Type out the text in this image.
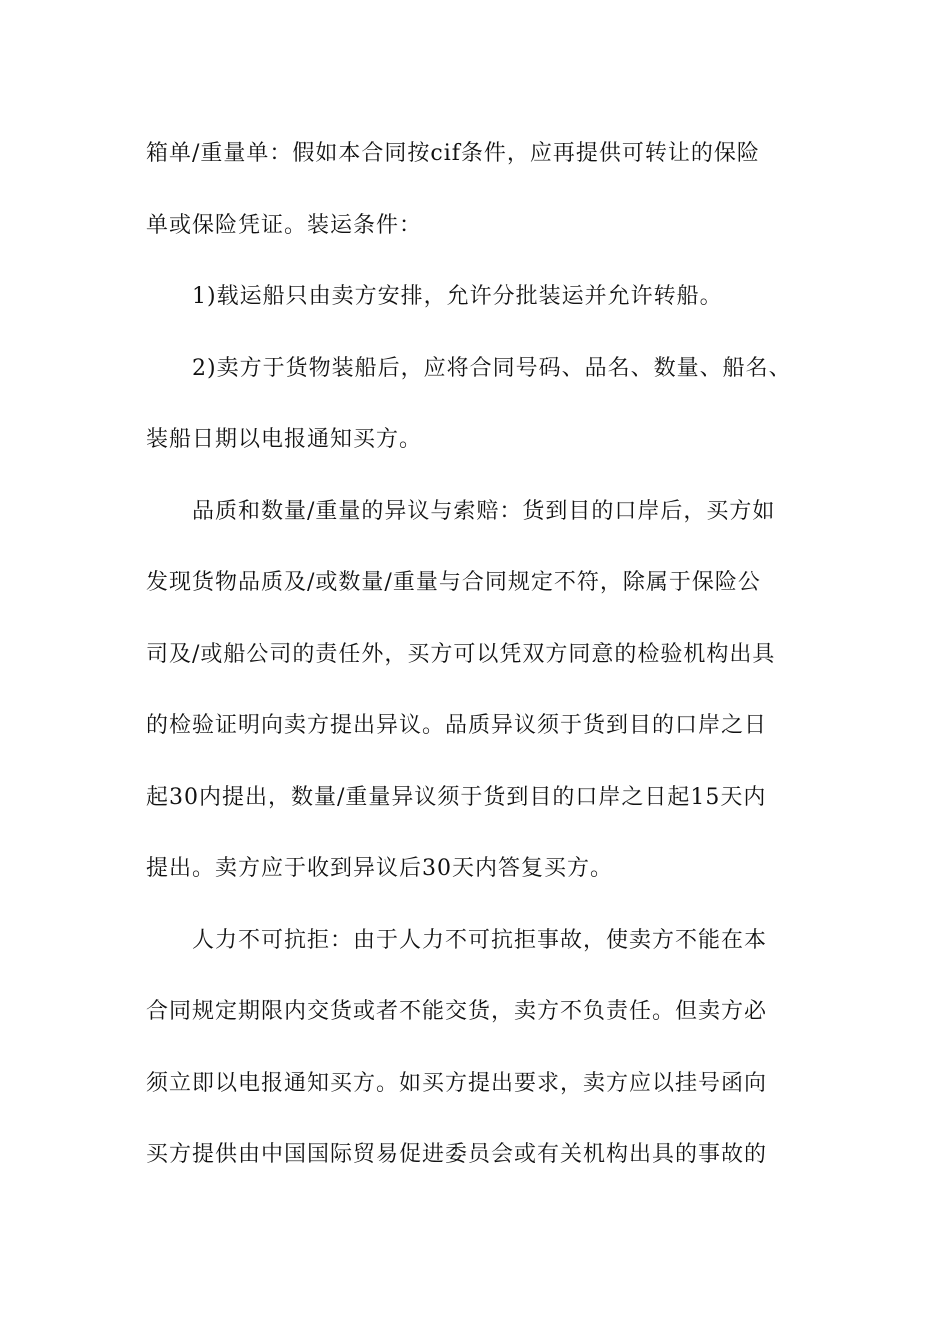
箱单/重量单：假如本合同按cif条件，应再提供可转让的保险
单或保险凭证。装运条件：
1)载运船只由卖方安排，允许分批装运并允许转船。
2)卖方于货物装船后，应将合同号码、品名、数量、船名、
装船日期以电报通知买方。
品质和数量/重量的异议与索赔：货到目的口岸后，买方如
发现货物品质及/或数量/重量与合同规定不符，除属于保险公
司及/或船公司的责任外，买方可以凭双方同意的检验机构出具
的检验证明向卖方提出异议。品质异议须于货到目的口岸之日
起30内提出，数量/重量异议须于货到目的口岸之日起15天内
提出。卖方应于收到异议后30天内答复买方。
人力不可抗拒：由于人力不可抗拒事故，使卖方不能在本
合同规定期限内交货或者不能交货，卖方不负责任。但卖方必
须立即以电报通知买方。如买方提出要求，卖方应以挂号函向
买方提供由中国国际贸易促进委员会或有关机构出具的事故的
